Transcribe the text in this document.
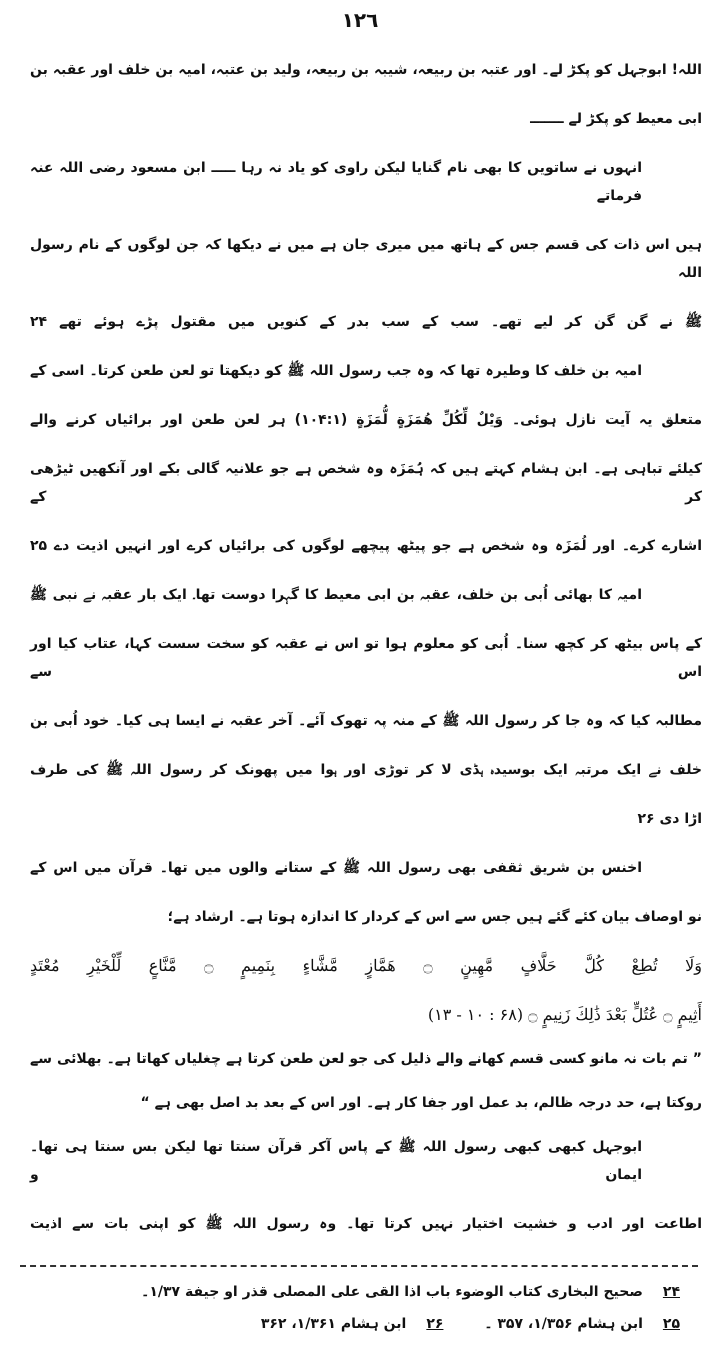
١٢٦
اللہ! ابوجہل کو پکڑ لے۔ اور عتبہ بن ربیعہ، شیبہ بن ربیعہ، ولید بن عتبہ، امیہ بن خلف اور عقبہ بن
ابی معیط کو پکڑ لے ـــــــ
انہوں نے ساتویں کا بھی نام گنایا لیکن راوی کو یاد نہ رہا ـــــ ابن مسعود رضی اللہ عنہ فرماتے
ہیں اس ذات کی قسم جس کے ہاتھ میں میری جان ہے میں نے دیکھا کہ جن لوگوں کے نام رسول اللہ
ﷺ نے گن گن کر لیے تھے۔ سب کے سب بدر کے کنویں میں مقتول پڑے ہوئے تھے ۲۴
امیہ بن خلف کا وطیرہ تھا کہ وہ جب رسول اللہ ﷺ کو دیکھتا تو لعن طعن کرتا۔ اسی کے
متعلق یہ آیت نازل ہوئی۔ وَيْلٌ لِّكُلِّ هُمَزَةٍ لُّمَزَةٍ (۱۰۴:۱) ہر لعن طعن اور برائیاں کرنے والے
کیلئے تباہی ہے۔ ابن ہشام کہتے ہیں کہ ہُمَزَہ وہ شخص ہے جو علانیہ گالی بکے اور آنکھیں ٹیڑھی کر کے
اشارے کرے۔ اور لُمَزَہ وہ شخص ہے جو پیٹھ پیچھے لوگوں کی برائیاں کرے اور انہیں اذیت دے ۲۵
امیہ کا بھائی اُبی بن خلف، عقبہ بن ابی معیط کا گہرا دوست تھا۔ ایک بار عقبہ نے نبی ﷺ
کے پاس بیٹھ کر کچھ سنا۔ اُبی کو معلوم ہوا تو اس نے عقبہ کو سخت سست کہا، عتاب کیا اور اس سے
مطالبہ کیا کہ وہ جا کر رسول اللہ ﷺ کے منہ پہ تھوک آئے۔ آخر عقبہ نے ایسا ہی کیا۔ خود اُبی بن
خلف نے ایک مرتبہ ایک بوسیدہ ہڈی لا کر توڑی اور ہوا میں پھونک کر رسول اللہ ﷺ کی طرف
اڑا دی ۲۶
اخنس بن شریق ثقفی بھی رسول اللہ ﷺ کے ستانے والوں میں تھا۔ قرآن میں اس کے
نو اوصاف بیان کئے گئے ہیں جس سے اس کے کردار کا اندازہ ہوتا ہے۔ ارشاد ہے؛
وَلَا تُطِعْ كُلَّ حَلَّافٍ مَّهِينٍ ۝ هَمَّازٍ مَّشَّاءٍ بِنَمِيمٍ ۝ مَّنَّاعٍ لِّلْخَيْرِ مُعْتَدٍ
أَثِيمٍ ۝ عُتُلٍّ بَعْدَ ذَٰلِكَ زَنِيمٍ ۝ (۶۸ : ۱۰ - ۱۳)
” تم بات نہ مانو کسی قسم کھانے والے ذلیل کی جو لعن طعن کرتا ہے چغلیاں کھاتا ہے۔ بھلائی سے
روکتا ہے، حد درجہ ظالم، بد عمل اور جفا کار ہے۔ اور اس کے بعد بد اصل بھی ہے “
ابوجہل کبھی کبھی رسول اللہ ﷺ کے پاس آکر قرآن سنتا تھا لیکن بس سنتا ہی تھا۔ ایمان و
اطاعت اور ادب و خشیت اختیار نہیں کرتا تھا۔ وہ رسول اللہ ﷺ کو اپنی بات سے اذیت
۲۴صحیح البخاری کتاب الوضوء باب اذا القی علی المصلی قذر او جیفة ۱/۳۷۔
۲۵ابن ہشام ۱/۳۵۶، ۳۵۷ ۔ ۲۶ابن ہشام ۱/۳۶۱، ۳۶۲
